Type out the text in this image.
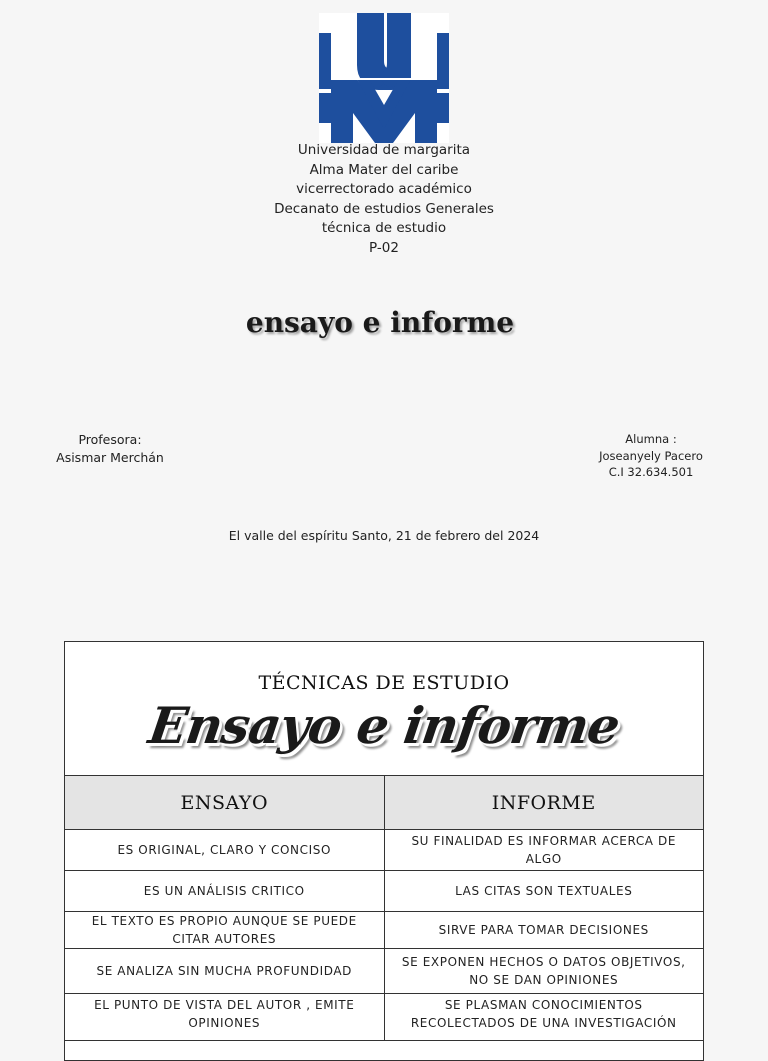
Universidad de margarita
Alma Mater del caribe
vicerrectorado académico
Decanato de estudios Generales
técnica de estudio
P-02
ensayo e informe
Profesora:
Asismar Merchán
Alumna :
Joseanyely Pacero
C.I 32.634.501
El valle del espíritu Santo, 21 de febrero del 2024
TÉCNICAS DE ESTUDIO
Ensayo e informe
ENSAYO	INFORME
ES ORIGINAL, CLARO Y CONCISO	SU FINALIDAD ES INFORMAR ACERCA DE ALGO
ES UN ANÁLISIS CRITICO	LAS CITAS SON TEXTUALES
EL TEXTO ES PROPIO AUNQUE SE PUEDE CITAR AUTORES	SIRVE PARA TOMAR DECISIONES
SE ANALIZA SIN MUCHA PROFUNDIDAD	SE EXPONEN HECHOS O DATOS OBJETIVOS, NO SE DAN OPINIONES
EL PUNTO DE VISTA DEL AUTOR , EMITE OPINIONES	SE PLASMAN CONOCIMIENTOS RECOLECTADOS DE UNA INVESTIGACIÓN
